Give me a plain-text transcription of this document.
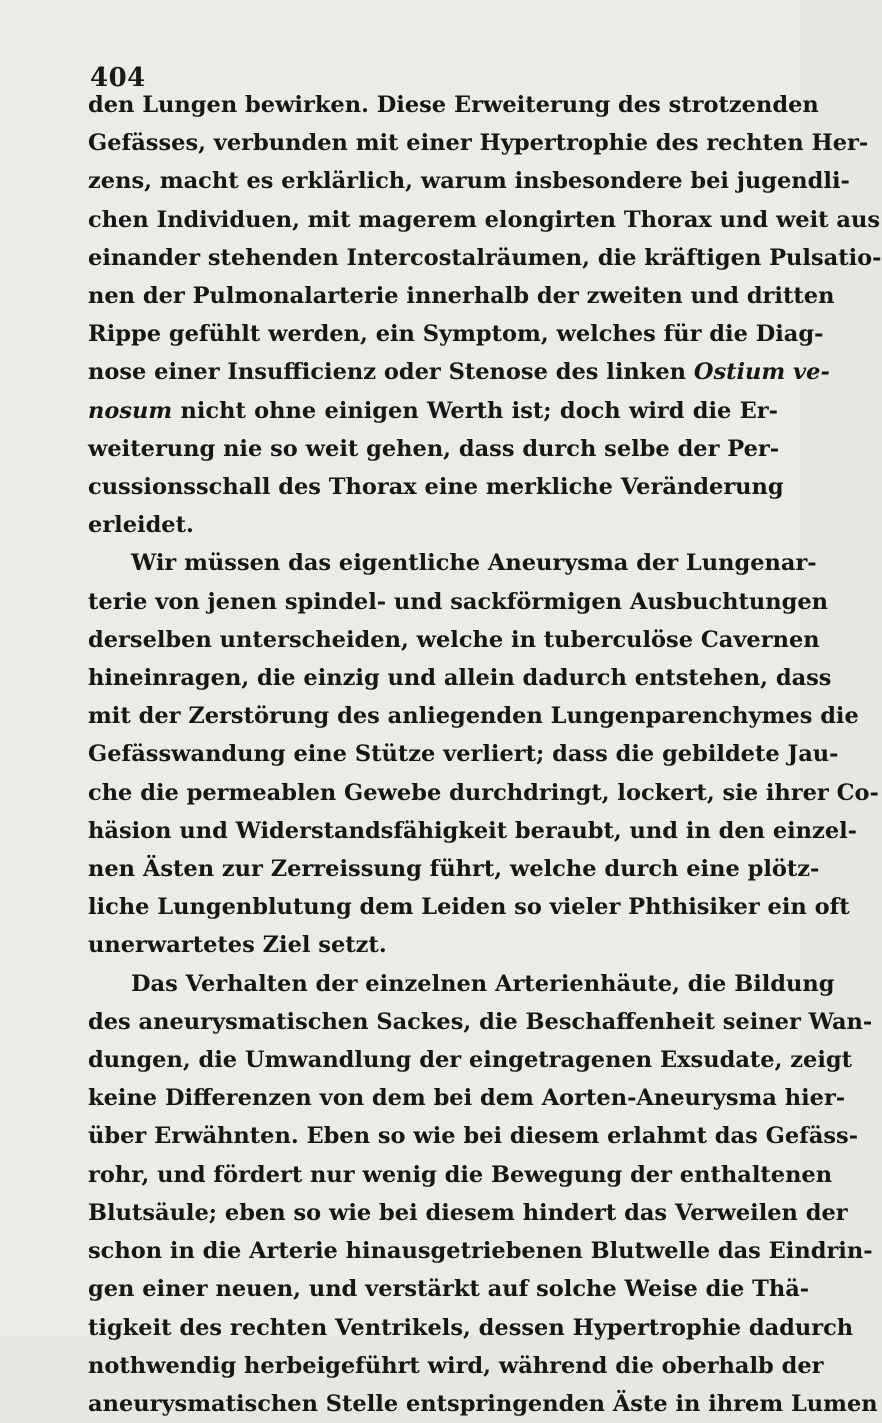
404
den Lungen bewirken. Diese Erweiterung des strotzenden
Gefässes, verbunden mit einer Hypertrophie des rechten Her-
zens, macht es erklärlich, warum insbesondere bei jugendli-
chen Individuen, mit magerem elongirten Thorax und weit aus
einander stehenden Intercostalräumen, die kräftigen Pulsatio-
nen der Pulmonalarterie innerhalb der zweiten und dritten
Rippe gefühlt werden, ein Symptom, welches für die Diag-
nose einer Insufficienz oder Stenose des linken Ostium ve-
nosum nicht ohne einigen Werth ist; doch wird die Er-
weiterung nie so weit gehen, dass durch selbe der Per-
cussionsschall des Thorax eine merkliche Veränderung
erleidet.
Wir müssen das eigentliche Aneurysma der Lungenar-
terie von jenen spindel- und sackförmigen Ausbuchtungen
derselben unterscheiden, welche in tuberculöse Cavernen
hineinragen, die einzig und allein dadurch entstehen, dass
mit der Zerstörung des anliegenden Lungenparenchymes die
Gefässwandung eine Stütze verliert; dass die gebildete Jau-
che die permeablen Gewebe durchdringt, lockert, sie ihrer Co-
häsion und Widerstandsfähigkeit beraubt, und in den einzel-
nen Ästen zur Zerreissung führt, welche durch eine plötz-
liche Lungenblutung dem Leiden so vieler Phthisiker ein oft
unerwartetes Ziel setzt.
Das Verhalten der einzelnen Arterienhäute, die Bildung
des aneurysmatischen Sackes, die Beschaffenheit seiner Wan-
dungen, die Umwandlung der eingetragenen Exsudate, zeigt
keine Differenzen von dem bei dem Aorten-Aneurysma hier-
über Erwähnten. Eben so wie bei diesem erlahmt das Gefäss-
rohr, und fördert nur wenig die Bewegung der enthaltenen
Blutsäule; eben so wie bei diesem hindert das Verweilen der
schon in die Arterie hinausgetriebenen Blutwelle das Eindrin-
gen einer neuen, und verstärkt auf solche Weise die Thä-
tigkeit des rechten Ventrikels, dessen Hypertrophie dadurch
nothwendig herbeigeführt wird, während die oberhalb der
aneurysmatischen Stelle entspringenden Äste in ihrem Lumen
